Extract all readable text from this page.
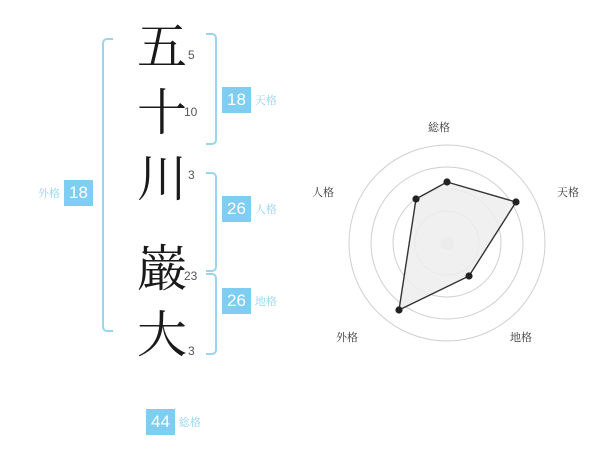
五
十
川
巌
大
5
10
3
23
3
18 天格
26 人格
26 地格
18
外格
44 総格
総格
天格
地格
外格
人格
